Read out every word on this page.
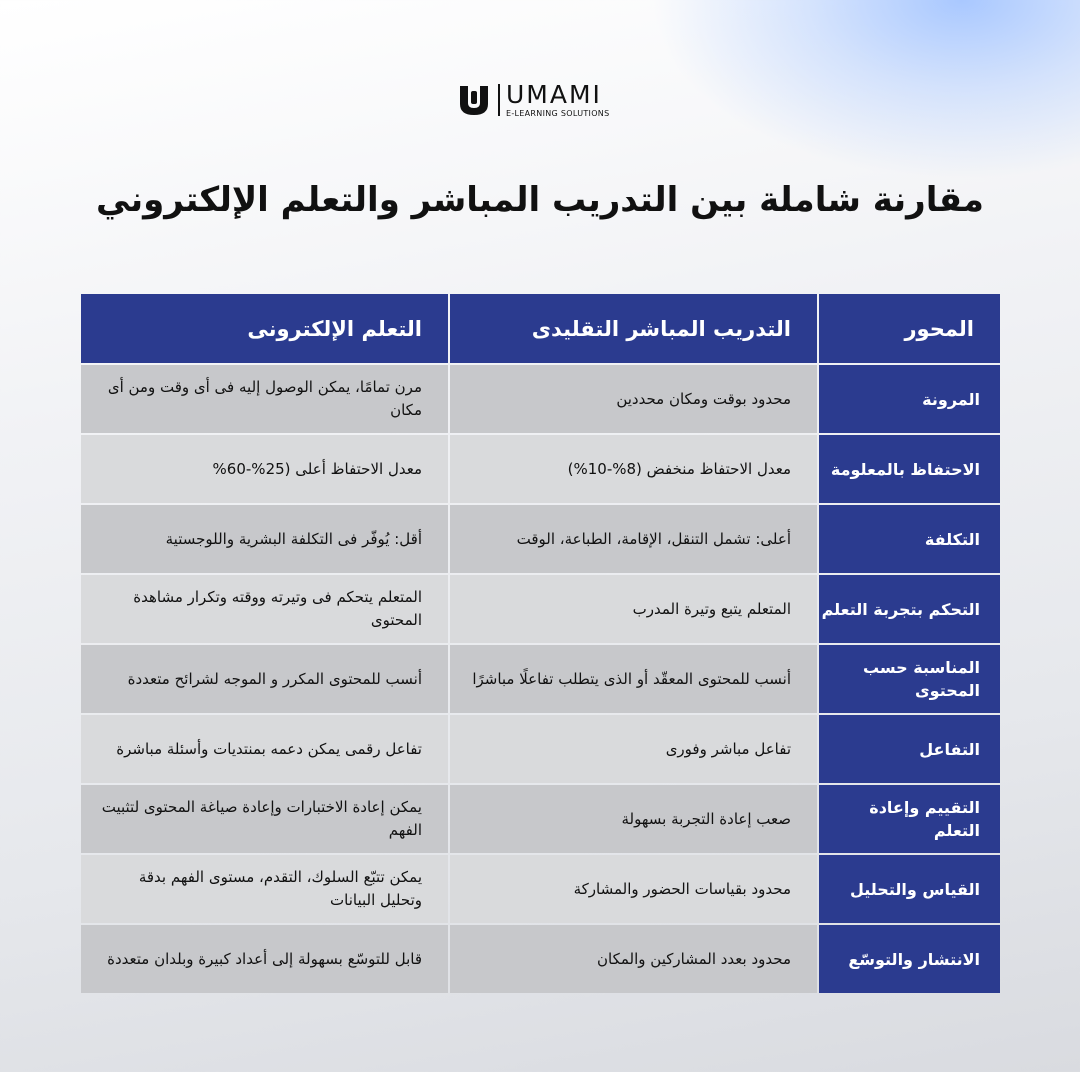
UMAMI
E-LEARNING SOLUTIONS
مقارنة شاملة بين التدريب المباشر والتعلم الإلكتروني
المحور
التدريب المباشر التقليدى
التعلم الإلكترونى
المرونة
محدود بوقت ومكان محددين
مرن تمامًا، يمكن الوصول إليه فى أى وقت ومن أى مكان
الاحتفاظ بالمعلومة
معدل الاحتفاظ منخفض (8%-10%)
معدل الاحتفاظ أعلى (25%-60%
التكلفة
أعلى: تشمل التنقل، الإقامة، الطباعة، الوقت
أقل: يُوفّر فى التكلفة البشرية واللوجستية
التحكم بتجربة التعلم
المتعلم يتبع وتيرة المدرب
المتعلم يتحكم فى وتيرته ووقته وتكرار مشاهدة المحتوى
المناسبة حسب المحتوى
أنسب للمحتوى المعقّد أو الذى يتطلب تفاعلًا مباشرًا
أنسب للمحتوى المكرر و الموجه لشرائح متعددة
التفاعل
تفاعل مباشر وفورى
تفاعل رقمى يمكن دعمه بمنتديات وأسئلة مباشرة
التقييم وإعادة التعلم
صعب إعادة التجربة بسهولة
يمكن إعادة الاختبارات وإعادة صياغة المحتوى لتثبيت الفهم
القياس والتحليل
محدود بقياسات الحضور والمشاركة
يمكن تتبّع السلوك، التقدم، مستوى الفهم بدقة وتحليل البيانات
الانتشار والتوسّع
محدود بعدد المشاركين والمكان
قابل للتوسّع بسهولة إلى أعداد كبيرة وبلدان متعددة
